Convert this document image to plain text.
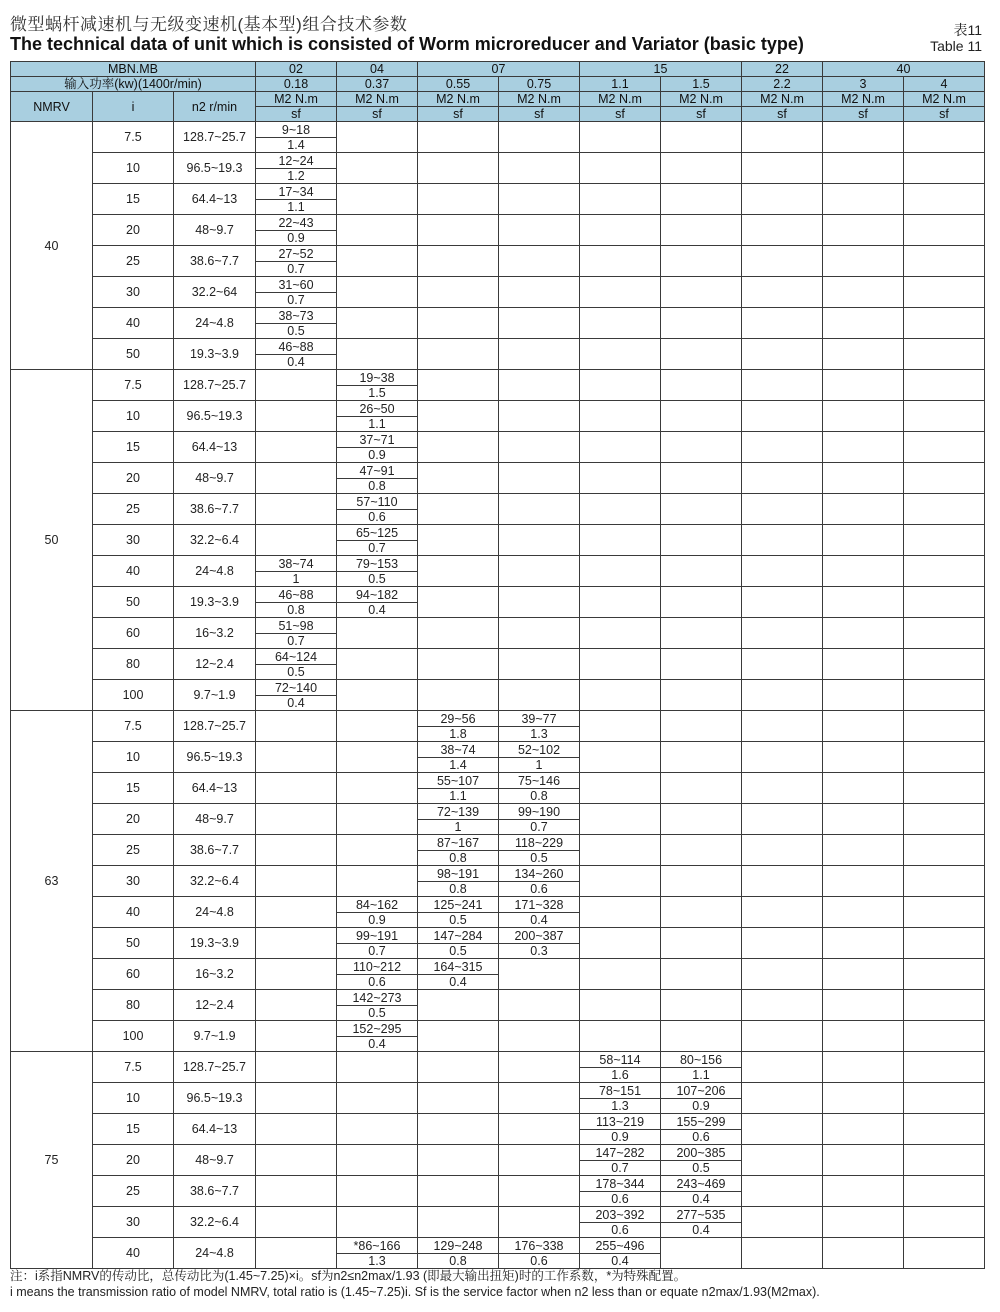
微型蜗杆减速机与无级变速机(基本型)组合技术参数
The technical data of unit which is consisted of Worm microreducer and Variator (basic type)
表11
Table 11
MBN.MB			02	04	07		15		22	40	
输入功率(kw)(1400r/min)			0.18	0.37	0.55	0.75	1.1	1.5	2.2	3	4
NMRV	i	n2 r/min	M2 N.m	M2 N.m	M2 N.m	M2 N.m	M2 N.m	M2 N.m	M2 N.m	M2 N.m	M2 N.m
			sf	sf	sf	sf	sf	sf	sf	sf	sf
40	7.5	128.7~25.7	9~18								
			1.4								
	10	96.5~19.3	12~24								
			1.2								
	15	64.4~13	17~34								
			1.1								
	20	48~9.7	22~43								
			0.9								
	25	38.6~7.7	27~52								
			0.7								
	30	32.2~64	31~60								
			0.7								
	40	24~4.8	38~73								
			0.5								
	50	19.3~3.9	46~88								
			0.4								
50	7.5	128.7~25.7		19~38							
				1.5							
	10	96.5~19.3		26~50							
				1.1							
	15	64.4~13		37~71							
				0.9							
	20	48~9.7		47~91							
				0.8							
	25	38.6~7.7		57~110							
				0.6							
	30	32.2~6.4		65~125							
				0.7							
	40	24~4.8	38~74	79~153							
			1	0.5							
	50	19.3~3.9	46~88	94~182							
			0.8	0.4							
	60	16~3.2	51~98								
			0.7								
	80	12~2.4	64~124								
			0.5								
	100	9.7~1.9	72~140								
			0.4								
63	7.5	128.7~25.7			29~56	39~77					
					1.8	1.3					
	10	96.5~19.3			38~74	52~102					
					1.4	1					
	15	64.4~13			55~107	75~146					
					1.1	0.8					
	20	48~9.7			72~139	99~190					
					1	0.7					
	25	38.6~7.7			87~167	118~229					
					0.8	0.5					
	30	32.2~6.4			98~191	134~260					
					0.8	0.6					
	40	24~4.8		84~162	125~241	171~328					
				0.9	0.5	0.4					
	50	19.3~3.9		99~191	147~284	200~387					
				0.7	0.5	0.3					
	60	16~3.2		110~212	164~315						
				0.6	0.4						
	80	12~2.4		142~273							
				0.5							
	100	9.7~1.9		152~295							
				0.4							
75	7.5	128.7~25.7					58~114	80~156			
							1.6	1.1			
	10	96.5~19.3					78~151	107~206			
							1.3	0.9			
	15	64.4~13					113~219	155~299			
							0.9	0.6			
	20	48~9.7					147~282	200~385			
							0.7	0.5			
	25	38.6~7.7					178~344	243~469			
							0.6	0.4			
	30	32.2~6.4					203~392	277~535			
							0.6	0.4			
	40	24~4.8		*86~166	129~248	176~338	255~496				
				1.3	0.8	0.6	0.4				
注：i系指NMRV的传动比，总传动比为(1.45~7.25)×i。sf为n2≤n2max/1.93 (即最大输出扭矩)时的工作系数，*为特殊配置。
i means the transmission ratio of model NMRV, total ratio is (1.45~7.25)i. Sf is the service factor when n2 less than or equate n2max/1.93(M2max).
